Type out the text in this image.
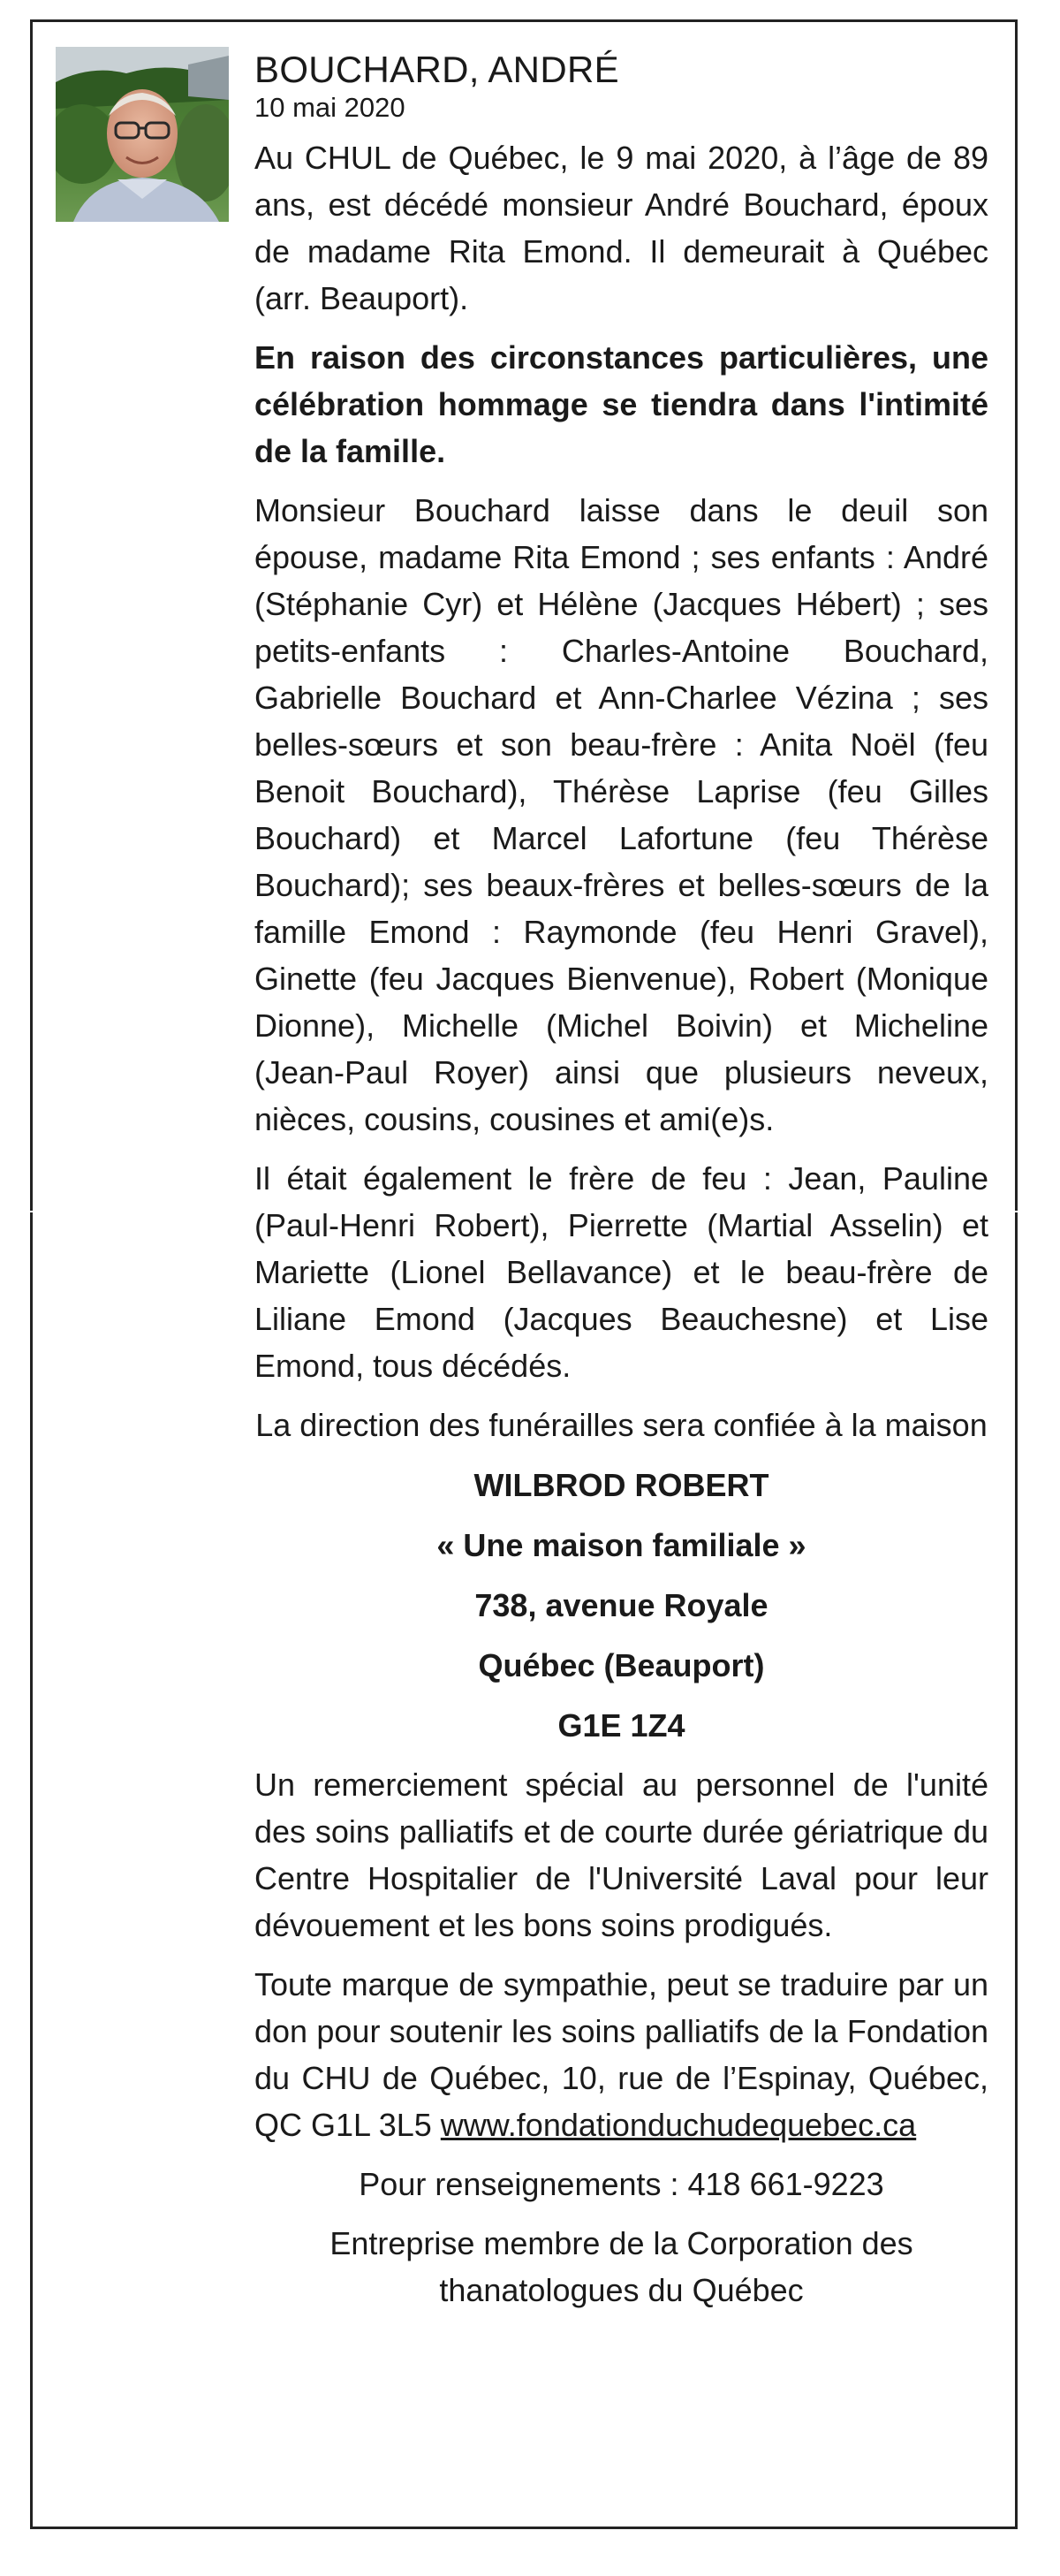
BOUCHARD, ANDRÉ
10 mai 2020

Au CHUL de Québec, le 9 mai 2020, à l’âge de 89 ans, est décédé monsieur André Bouchard, époux de madame Rita Emond. Il demeurait à Québec (arr. Beauport).

En raison des circonstances particulières, une célébration hommage se tiendra dans l'intimité de la famille.

Monsieur Bouchard laisse dans le deuil son épouse, madame Rita Emond ; ses enfants : André (Stéphanie Cyr) et Hélène (Jacques Hébert) ; ses petits-enfants : Charles-Antoine Bouchard, Gabrielle Bouchard et Ann-Charlee Vézina ; ses belles-sœurs et son beau-frère : Anita Noël (feu Benoit Bouchard), Thérèse Laprise (feu Gilles Bouchard) et Marcel Lafortune (feu Thérèse Bouchard); ses beaux-frères et belles-sœurs de la famille Emond : Raymonde (feu Henri Gravel), Ginette (feu Jacques Bienvenue), Robert (Monique Dionne), Michelle (Michel Boivin) et Micheline (Jean-Paul Royer) ainsi que plusieurs neveux, nièces, cousins, cousines et ami(e)s.

Il était également le frère de feu : Jean, Pauline (Paul-Henri Robert), Pierrette (Martial Asselin) et Mariette (Lionel Bellavance) et le beau-frère de Liliane Emond (Jacques Beauchesne) et Lise Emond, tous décédés.

La direction des funérailles sera confiée à la maison

WILBROD ROBERT
« Une maison familiale »
738, avenue Royale
Québec (Beauport)
G1E 1Z4

Un remerciement spécial au personnel de l'unité des soins palliatifs et de courte durée gériatrique du Centre Hospitalier de l'Université Laval pour leur dévouement et les bons soins prodigués.

Toute marque de sympathie, peut se traduire par un don pour soutenir les soins palliatifs de la Fondation du CHU de Québec, 10, rue de l’Espinay, Québec, QC G1L 3L5 www.fondationduchudequebec.ca

Pour renseignements : 418 661-9223

Entreprise membre de la Corporation des thanatologues du Québec
